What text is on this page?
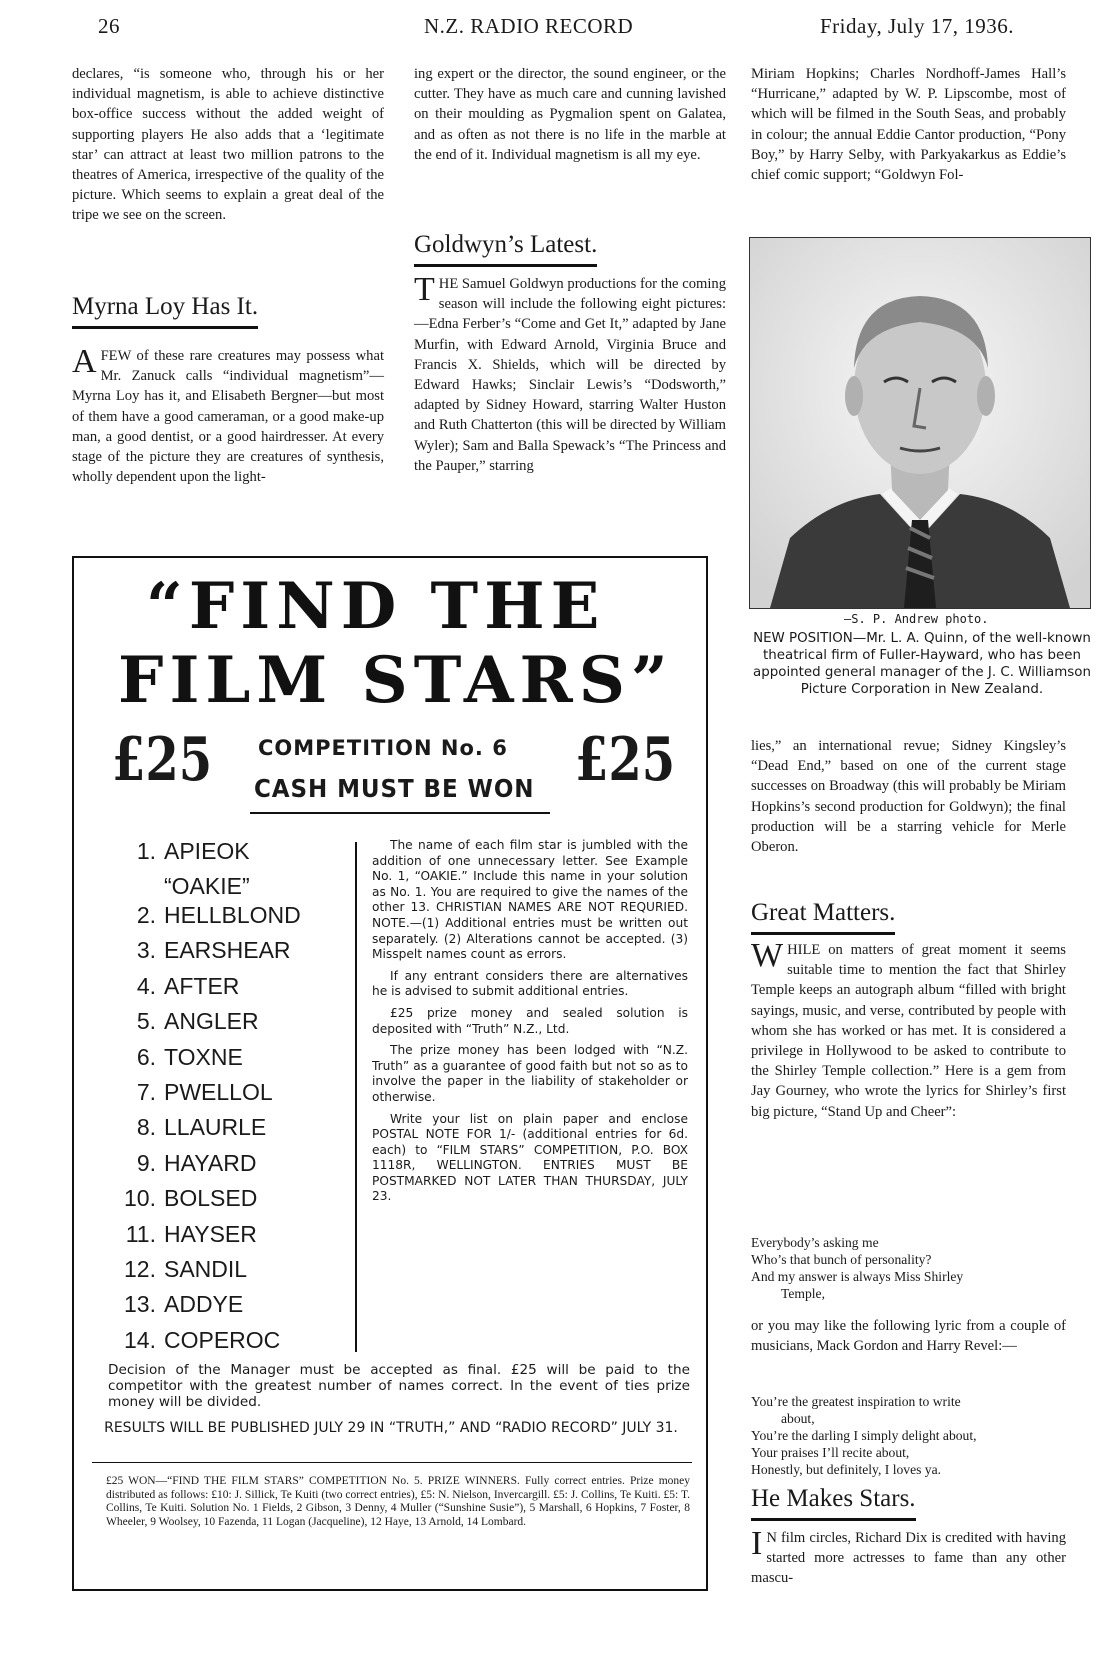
26	N.Z. RADIO RECORD	Friday, July 17, 1936.
declares, “is someone who, through his or her individual magnetism, is able to achieve distinctive box-office success without the added weight of supporting players He also adds that a ‘legitimate star’ can attract at least two million patrons to the theatres of America, irrespective of the quality of the picture. Which seems to explain a great deal of the tripe we see on the screen.
Myrna Loy Has It.
AFEW of these rare creatures may possess what Mr. Zanuck calls “individual magnetism”—Myrna Loy has it, and Elisabeth Bergner—but most of them have a good cameraman, or a good make-up man, a good dentist, or a good hairdresser. At every stage of the picture they are creatures of synthesis, wholly dependent upon the light-
ing expert or the director, the sound engineer, or the cutter. They have as much care and cunning lavished on their moulding as Pygmalion spent on Galatea, and as often as not there is no life in the marble at the end of it. Individual magnetism is all my eye.
Goldwyn’s Latest.
THE Samuel Goldwyn productions for the coming season will include the following eight pictures:—Edna Ferber’s “Come and Get It,” adapted by Jane Murfin, with Edward Arnold, Virginia Bruce and Francis X. Shields, which will be directed by Edward Hawks; Sinclair Lewis’s “Dodsworth,” adapted by Sidney Howard, starring Walter Huston and Ruth Chatterton (this will be directed by William Wyler); Sam and Balla Spewack’s “The Princess and the Pauper,” starring
Miriam Hopkins; Charles Nordhoff-James Hall’s “Hurricane,” adapted by W. P. Lipscombe, most of which will be filmed in the South Seas, and probably in colour; the annual Eddie Cantor production, “Pony Boy,” by Harry Selby, with Parkyakarkus as Eddie’s chief comic support; “Goldwyn Fol-
—S. P. Andrew photo.
NEW POSITION—Mr. L. A. Quinn, of the well-known theatrical firm of Fuller-Hayward, who has been appointed general manager of the J. C. Williamson Picture Corporation in New Zealand.
lies,” an international revue; Sidney Kingsley’s “Dead End,” based on one of the current stage successes on Broadway (this will probably be Miriam Hopkins’s second production for Goldwyn); the final production will be a starring vehicle for Merle Oberon.
Great Matters.
WHILE on matters of great moment it seems suitable time to mention the fact that Shirley Temple keeps an autograph album “filled with bright sayings, music, and verse, contributed by people with whom she has worked or has met. It is considered a privilege in Hollywood to be asked to contribute to the Shirley Temple collection.” Here is a gem from Jay Gourney, who wrote the lyrics for Shirley’s first big picture, “Stand Up and Cheer”:
Everybody’s asking me
Who’s that bunch of personality?
And my answer is always Miss Shirley
Temple,
or you may like the following lyric from a couple of musicians, Mack Gordon and Harry Revel:—
You’re the greatest inspiration to write
about,
You’re the darling I simply delight about,
Your praises I’ll recite about,
Honestly, but definitely, I loves ya.
He Makes Stars.
I N film circles, Richard Dix is credited with having started more actresses to fame than any other mascu-
“FIND THE
FILM STARS”
£25	£25
COMPETITION No. 6
CASH MUST BE WON
1. APIEOK
“OAKIE”
2. HELLBLOND
3. EARSHEAR
4. AFTER
5. ANGLER
6. TOXNE
7. PWELLOL
8. LLAURLE
9. HAYARD
10. BOLSED
11. HAYSER
12. SANDIL
13. ADDYE
14. COPEROC

The name of each film star is jumbled with the addition of one unnecessary letter. See Example No. 1, “OAKIE.” Include this name in your solution as No. 1. You are required to give the names of the other 13. CHRISTIAN NAMES ARE NOT REQURIED. NOTE.—(1) Additional entries must be written out separately. (2) Alterations cannot be accepted. (3) Misspelt names count as errors.

If any entrant considers there are alternatives he is advised to submit additional entries.

£25 prize money and sealed solution is deposited with “Truth” N.Z., Ltd.

The prize money has been lodged with “N.Z. Truth” as a guarantee of good faith but not so as to involve the paper in the liability of stakeholder or otherwise.

Write your list on plain paper and enclose POSTAL NOTE FOR 1/- (additional entries for 6d. each) to “FILM STARS” COMPETITION, P.O. BOX 1118R, WELLINGTON. ENTRIES MUST BE POSTMARKED NOT LATER THAN THURSDAY, JULY 23.

Decision of the Manager must be accepted as final. £25 will be paid to the competitor with the greatest number of names correct. In the event of ties prize money will be divided.
RESULTS WILL BE PUBLISHED JULY 29 IN “TRUTH,” AND “RADIO RECORD” JULY 31.
£25 WON—“FIND THE FILM STARS” COMPETITION No. 5. PRIZE WINNERS. Fully correct entries. Prize money distributed as follows: £10: J. Sillick, Te Kuiti (two correct entries), £5: N. Nielson, Invercargill. £5: J. Collins, Te Kuiti. £5: T. Collins, Te Kuiti. Solution No. 1 Fields, 2 Gibson, 3 Denny, 4 Muller (“Sunshine Susie”), 5 Marshall, 6 Hopkins, 7 Foster, 8 Wheeler, 9 Woolsey, 10 Fazenda, 11 Logan (Jacqueline), 12 Haye, 13 Arnold, 14 Lombard.
